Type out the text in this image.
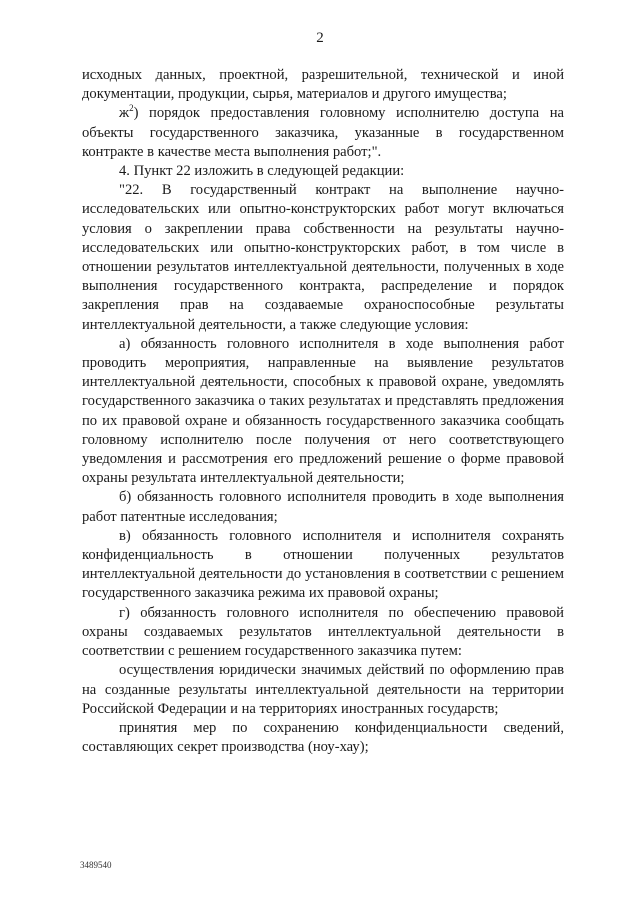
2

исходных данных, проектной, разрешительной, технической и иной документации, продукции, сырья, материалов и другого имущества;

$ж^2$) порядок предоставления головному исполнителю доступа на объекты государственного заказчика, указанные в государственном контракте в качестве места выполнения работ;".

4. Пункт 22 изложить в следующей редакции:

"22. В государственный контракт на выполнение научно-исследовательских или опытно-конструкторских работ могут включаться условия о закреплении права собственности на результаты научно-исследовательских или опытно-конструкторских работ, в том числе в отношении результатов интеллектуальной деятельности, полученных в ходе выполнения государственного контракта, распределение и порядок закрепления прав на создаваемые охраноспособные результаты интеллектуальной деятельности, а также следующие условия:

а) обязанность головного исполнителя в ходе выполнения работ проводить мероприятия, направленные на выявление результатов интеллектуальной деятельности, способных к правовой охране, уведомлять государственного заказчика о таких результатах и представлять предложения по их правовой охране и обязанность государственного заказчика сообщать головному исполнителю после получения от него соответствующего уведомления и рассмотрения его предложений решение о форме правовой охраны результата интеллектуальной деятельности;

б) обязанность головного исполнителя проводить в ходе выполнения работ патентные исследования;

в) обязанность головного исполнителя и исполнителя сохранять конфиденциальность в отношении полученных результатов интеллектуальной деятельности до установления в соответствии с решением государственного заказчика режима их правовой охраны;

г) обязанность головного исполнителя по обеспечению правовой охраны создаваемых результатов интеллектуальной деятельности в соответствии с решением государственного заказчика путем:

осуществления юридически значимых действий по оформлению прав на созданные результаты интеллектуальной деятельности на территории Российской Федерации и на территориях иностранных государств;

принятия мер по сохранению конфиденциальности сведений, составляющих секрет производства (ноу-хау);

3489540
